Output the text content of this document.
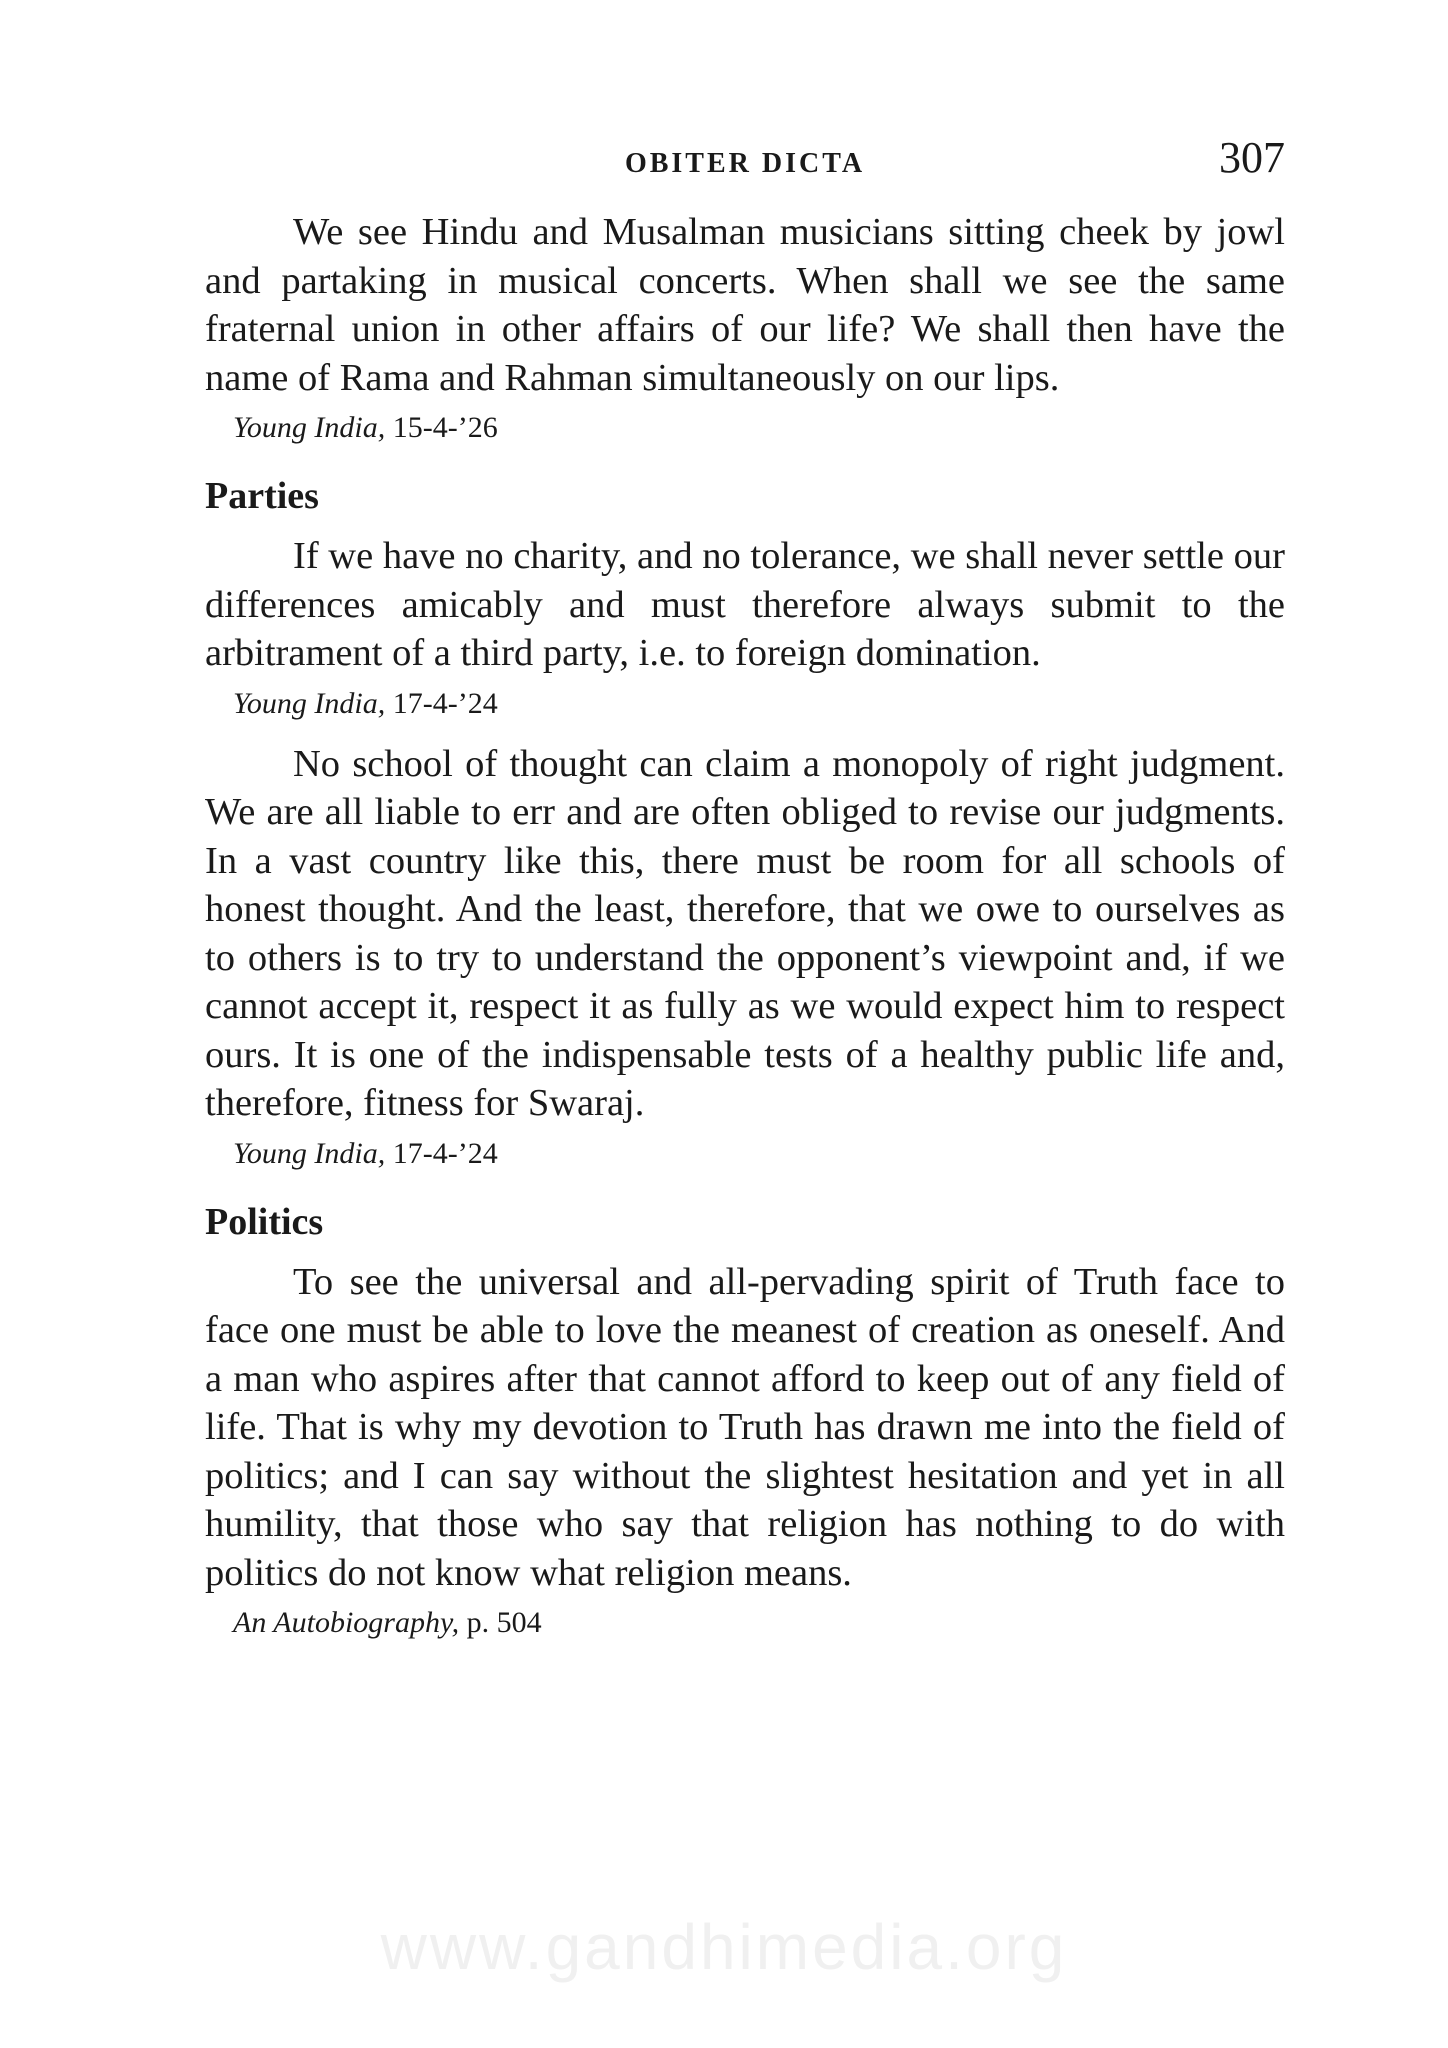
OBITER DICTA	307

We see Hindu and Musalman musicians sitting cheek by jowl and partaking in musical concerts. When shall we see the same fraternal union in other affairs of our life? We shall then have the name of Rama and Rahman simultaneously on our lips.

Young India, 15-4-’26
Parties

If we have no charity, and no tolerance, we shall never settle our differences amicably and must therefore always submit to the arbitrament of a third party, i.e. to foreign domination.

Young India, 17-4-’24

No school of thought can claim a monopoly of right judgment. We are all liable to err and are often obliged to revise our judgments. In a vast country like this, there must be room for all schools of honest thought. And the least, therefore, that we owe to ourselves as to others is to try to understand the opponent’s viewpoint and, if we cannot accept it, respect it as fully as we would expect him to respect ours. It is one of the indispensable tests of a healthy public life and, therefore, fitness for Swaraj.

Young India, 17-4-’24
Politics

To see the universal and all-pervading spirit of Truth face to face one must be able to love the meanest of creation as oneself. And a man who aspires after that cannot afford to keep out of any field of life. That is why my devotion to Truth has drawn me into the field of politics; and I can say without the slightest hesitation and yet in all humility, that those who say that religion has nothing to do with politics do not know what religion means.

An Autobiography, p. 504
www.gandhimedia.org
